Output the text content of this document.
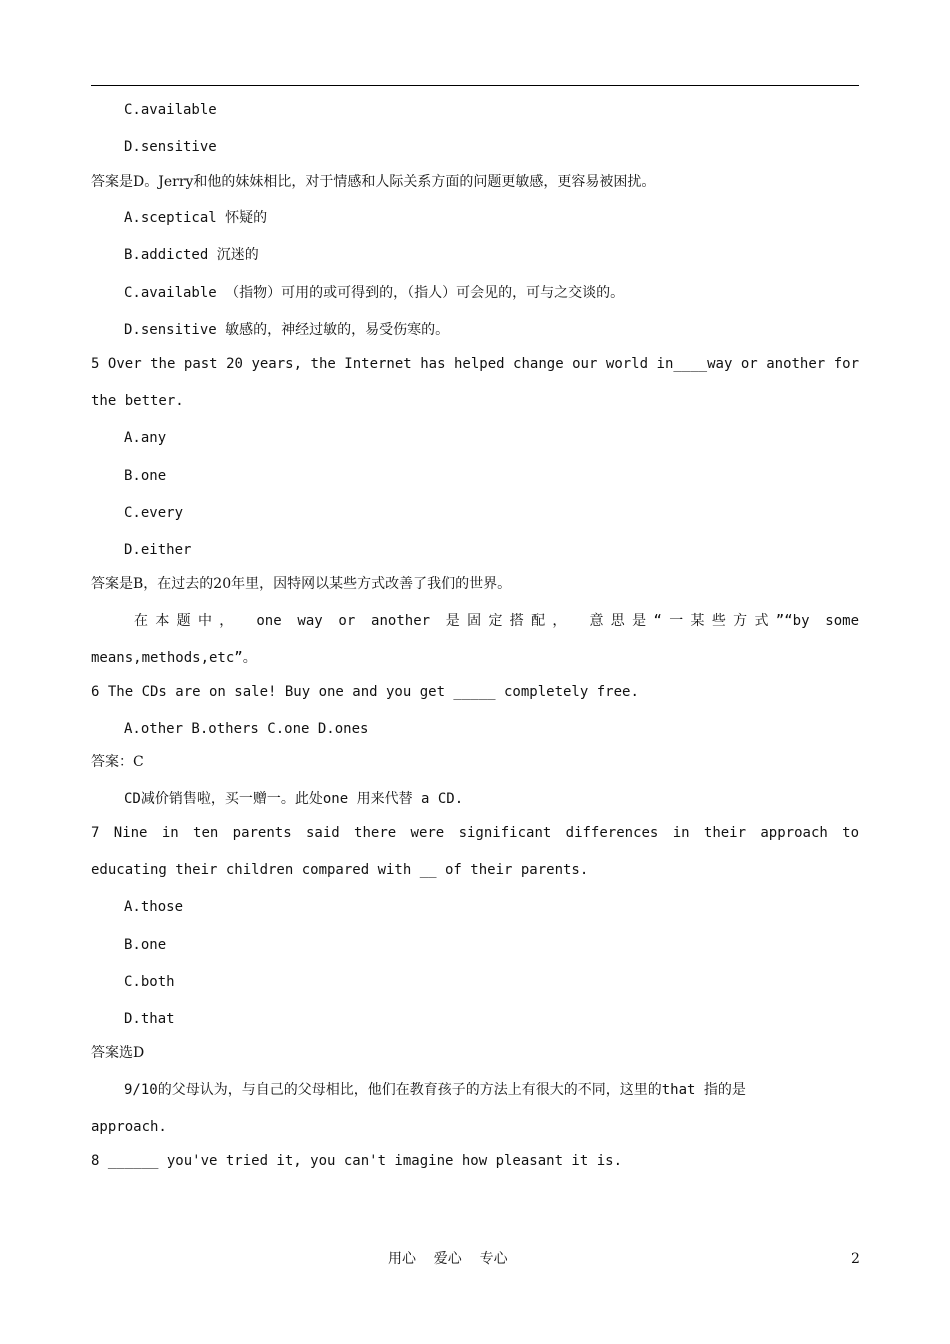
C.available
D.sensitive
答案是D。Jerry和他的妹妹相比，对于情感和人际关系方面的问题更敏感，更容易被困扰。
A.sceptical 怀疑的
B.addicted 沉迷的
C.available （指物）可用的或可得到的，（指人）可会见的，可与之交谈的。
D.sensitive 敏感的，神经过敏的，易受伤寒的。
5 Over the past 20 years, the Internet has helped change our world in____way or another for
the better.
A.any
B.one
C.every
D.either
答案是B，在过去的20年里，因特网以某些方式改善了我们的世界。
在本题中， one way or another 是固定搭配， 意思是“一某些方式”“by some
means,methods,etc”。
6 The CDs are on sale! Buy one and you get _____ completely free.
A.other B.others C.one D.ones
答案：C
CD减价销售啦，买一赠一。此处one 用来代替 a CD.
7 Nine in ten parents said there were significant differences in their approach to
educating their children compared with __ of their parents.
A.those
B.one
C.both
D.that
答案选D
9/10的父母认为，与自己的父母相比，他们在教育孩子的方法上有很大的不同，这里的that 指的是
approach.
8 ______ you've tried it, you can't imagine how pleasant it is.
用心    爱心    专心	2
